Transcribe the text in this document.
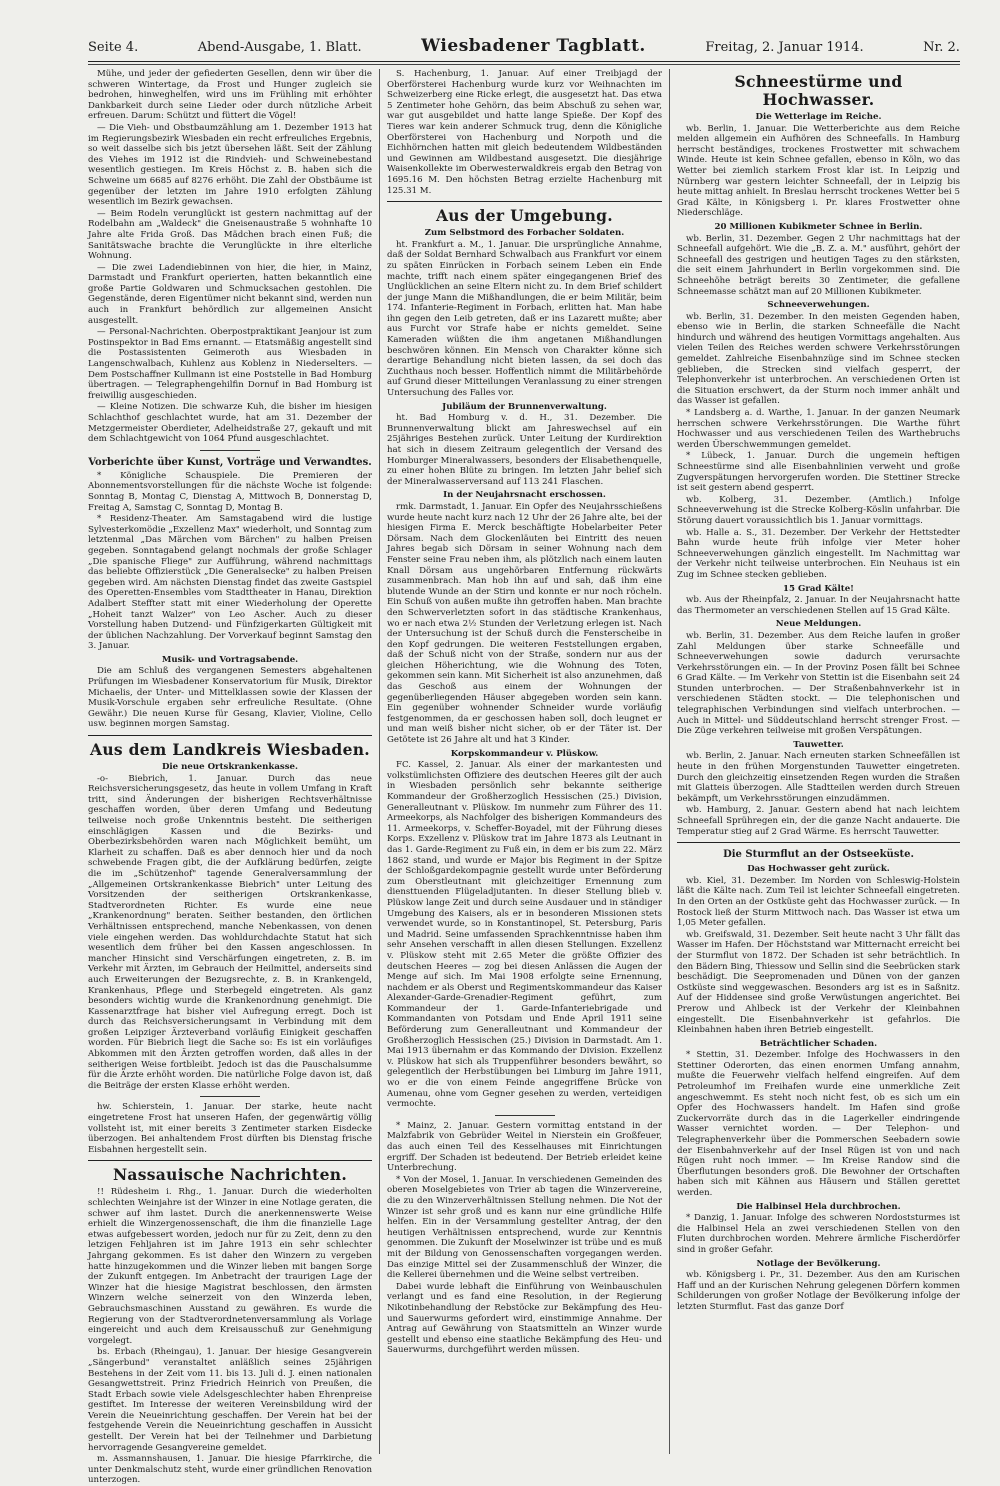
Seite 4.	Abend-Ausgabe, 1. Blatt.	Wiesbadener Tagblatt.	Freitag, 2. Januar 1914.	Nr. 2.

Mühe, und jeder der gefiederten Gesellen, denn wir über die schweren Wintertage, da Frost und Hunger zugleich sie bedrohen, hinweghelfen, wird uns im Frühling mit erhöhter Dankbarkeit durch seine Lieder oder durch nützliche Arbeit erfreuen. Darum: Schützt und füttert die Vögel!

— Die Vieh- und Obstbaumzählung am 1. Dezember 1913 hat im Regierungsbezirk Wiesbaden ein recht erfreuliches Ergebnis, so weit dasselbe sich bis jetzt übersehen läßt. Seit der Zählung des Viehes im 1912 ist die Rindvieh- und Schweinebestand wesentlich gestiegen. Im Kreis Höchst z. B. haben sich die Schweine um 6685 auf 8276 erhöht. Die Zahl der Obstbäume ist gegenüber der letzten im Jahre 1910 erfolgten Zählung wesentlich im Bezirk gewachsen.

— Beim Rodeln verunglückt ist gestern nachmittag auf der Rodelbahn am „Waldeck" die Gneisenaustraße 5 wohnhafte 10 Jahre alte Frida Groß. Das Mädchen brach einen Fuß; die Sanitätswache brachte die Verunglückte in ihre elterliche Wohnung.

— Die zwei Ladendiebinnen von hier, die hier, in Mainz, Darmstadt und Frankfurt operierten, hatten bekanntlich eine große Partie Goldwaren und Schmucksachen gestohlen. Die Gegenstände, deren Eigentümer nicht bekannt sind, werden nun auch in Frankfurt behördlich zur allgemeinen Ansicht ausgestellt.

— Personal-Nachrichten. Oberpostpraktikant Jeanjour ist zum Postinspektor in Bad Ems ernannt. — Etatsmäßig angestellt sind die Postassistenten Geimeroth aus Wiesbaden in Langenschwalbach, Kuhlenz aus Koblenz in Niederselters. — Dem Postschaffner Kullmann ist eine Poststelle in Bad Homburg übertragen. — Telegraphengehilfin Dornuf in Bad Homburg ist freiwillig ausgeschieden.

— Kleine Notizen. Die schwarze Kuh, die bisher im hiesigen Schlachthof geschlachtet wurde, hat am 31. Dezember der Metzgermeister Oberdieter, Adelheidstraße 27, gekauft und mit dem Schlachtgewicht von 1064 Pfund ausgeschlachtet.

Vorberichte über Kunst, Vorträge und Verwandtes.

* Königliche Schauspiele. Die Premieren der Abonnementsvorstellungen für die nächste Woche ist folgende: Sonntag B, Montag C, Dienstag A, Mittwoch B, Donnerstag D, Freitag A, Samstag C, Sonntag D, Montag B.

* Residenz-Theater. Am Samstagabend wird die lustige Sylvesterkomödie „Exzellenz Max" wiederholt, und Sonntag zum letztenmal „Das Märchen vom Bärchen" zu halben Preisen gegeben. Sonntagabend gelangt nochmals der große Schlager „Die spanische Fliege" zur Aufführung, während nachmittags das beliebte Offizierstück „Die Generalsecke" zu halben Preisen gegeben wird. Am nächsten Dienstag findet das zweite Gastspiel des Operetten-Ensembles vom Stadttheater in Hanau, Direktion Adalbert Steffter statt mit einer Wiederholung der Operette „Hoheit tanzt Walzer" von Leo Ascher. Auch zu dieser Vorstellung haben Dutzend- und Fünfzigerkarten Gültigkeit mit der üblichen Nachzahlung. Der Vorverkauf beginnt Samstag den 3. Januar.

Musik- und Vortragsabende.

Die am Schluß des vergangenen Semesters abgehaltenen Prüfungen im Wiesbadener Konservatorium für Musik, Direktor Michaelis, der Unter- und Mittelklassen sowie der Klassen der Musik-Vorschule ergaben sehr erfreuliche Resultate. (Ohne Gewähr.) Die neuen Kurse für Gesang, Klavier, Violine, Cello usw. beginnen morgen Samstag.

Aus dem Landkreis Wiesbaden.
Die neue Ortskrankenkasse.

-o- Biebrich, 1. Januar. Durch das neue Reichsversicherungsgesetz, das heute in vollem Umfang in Kraft tritt, sind Änderungen der bisherigen Rechtsverhältnisse geschaffen worden, über deren Umfang und Bedeutung teilweise noch große Unkenntnis besteht. Die seitherigen einschlägigen Kassen und die Bezirks- und Oberbezirksbehörden waren nach Möglichkeit bemüht, um Klarheit zu schaffen. Daß es aber dennoch hier und da noch schwebende Fragen gibt, die der Aufklärung bedürfen, zeigte die im „Schützenhof" tagende Generalversammlung der „Allgemeinen Ortskrankenkasse Biebrich" unter Leitung des Vorsitzenden der seitherigen Ortskrankenkasse, Stadtverordneten Richter. Es wurde eine neue „Krankenordnung" beraten. Seither bestanden, den örtlichen Verhältnissen entsprechend, manche Nebenkassen, von denen viele eingehen werden. Das wohldurchdachte Statut hat sich wesentlich dem früher bei den Kassen angeschlossen. In mancher Hinsicht sind Verschärfungen eingetreten, z. B. im Verkehr mit Ärzten, im Gebrauch der Heilmittel, anderseits sind auch Erweiterungen der Bezugsrechte, z. B. in Krankengeld, Krankenhaus, Pflege und Sterbegeld eingetreten. Als ganz besonders wichtig wurde die Krankenordnung genehmigt. Die Kassenarztfrage hat bisher viel Aufregung erregt. Doch ist durch das Reichsversicherungsamt in Verbindung mit dem großen Leipziger Ärzteverband vorläufig Einigkeit geschaffen worden. Für Biebrich liegt die Sache so: Es ist ein vorläufiges Abkommen mit den Ärzten getroffen worden, daß alles in der seitherigen Weise fortbleibt. Jedoch ist das die Pauschalsumme für die Ärzte erhöht worden. Die natürliche Folge davon ist, daß die Beiträge der ersten Klasse erhöht werden.

hw. Schierstein, 1. Januar. Der starke, heute nacht eingetretene Frost hat unseren Hafen, der gegenwärtig völlig vollsteht ist, mit einer bereits 3 Zentimeter starken Eisdecke überzogen. Bei anhaltendem Frost dürften bis Dienstag frische Eisbahnen hergestellt sein.

Nassauische Nachrichten.

!! Rüdesheim i. Rhg., 1. Januar. Durch die wiederholten schlechten Weinjahre ist der Winzer in eine Notlage geraten, die schwer auf ihm lastet. Durch die anerkennenswerte Weise erhielt die Winzergenossenschaft, die ihm die finanzielle Lage etwas aufgebessert worden, jedoch nur für zu Zeit, denn zu den letzigen Fehljahren ist im Jahre 1913 ein sehr schlechter Jahrgang gekommen. Es ist daher den Winzern zu vergeben hatte hinzugekommen und die Winzer lieben mit bangen Sorge der Zukunft entgegen. Im Anbetracht der traurigen Lage der Winzer hat die hiesige Magistrat beschlossen, den ärmsten Winzern welche seinerzeit von den Winzerda leben, Gebrauchsmaschinen Ausstand zu gewähren. Es wurde die Regierung von der Stadtverordnetenversammlung als Vorlage eingereicht und auch dem Kreisausschuß zur Genehmigung vorgelegt.

bs. Erbach (Rheingau), 1. Januar. Der hiesige Gesangverein „Sängerbund" veranstaltet anläßlich seines 25jährigen Bestehens in der Zeit vom 11. bis 13. Juli d. J. einen nationalen Gesangwettstreit. Prinz Friedrich Heinrich von Preußen, die Stadt Erbach sowie viele Adelsgeschlechter haben Ehrenpreise gestiftet. Im Interesse der weiteren Vereinsbildung wird der Verein die Neueinrichtung geschaffen. Der Verein hat bei der festgehende Verein die Neueinrichtung geschaffen in Aussicht gestellt. Der Verein hat bei der Teilnehmer und Darbietung hervorragende Gesangvereine gemeldet.

m. Assmannshausen, 1. Januar. Die hiesige Pfarrkirche, die unter Denkmalschutz steht, wurde einer gründlichen Renovation unterzogen.

S. Hachenburg, 1. Januar. Auf einer Treibjagd der Oberförsterei Hachenburg wurde kurz vor Weihnachten im Schweizerberg eine Ricke erlegt, die ausgesetzt hat. Das etwa 5 Zentimeter hohe Gehörn, das beim Abschuß zu sehen war, war gut ausgebildet und hatte lange Spieße. Der Kopf des Tieres war kein anderer Schmuck trug, denn die Königliche Oberförsterei von Hachenburg und Norpoth und die Eichhörnchen hatten mit gleich bedeutendem Wildbeständen und Gewinnen am Wildbestand ausgesetzt. Die diesjährige Waisenkollekte im Oberwesterwaldkreis ergab den Betrag von 1695.16 M. Den höchsten Betrag erzielte Hachenburg mit 125.31 M.

Aus der Umgebung.
Zum Selbstmord des Forbacher Soldaten.

ht. Frankfurt a. M., 1. Januar. Die ursprüngliche Annahme, daß der Soldat Bernhard Schwalbach aus Frankfurt vor einem zu späten Einrücken in Forbach seinem Leben ein Ende machte, trifft nach einem später eingegangenen Brief des Unglücklichen an seine Eltern nicht zu. In dem Brief schildert der junge Mann die Mißhandlungen, die er beim Militär, beim 174. Infanterie-Regiment in Forbach, erlitten hat. Man habe ihn gegen den Leib getreten, daß er ins Lazarett mußte; aber aus Furcht vor Strafe habe er nichts gemeldet. Seine Kameraden wüßten die ihm angetanen Mißhandlungen beschwören können. Ein Mensch von Charakter könne sich derartige Behandlung nicht bieten lassen, da sei doch das Zuchthaus noch besser. Hoffentlich nimmt die Militärbehörde auf Grund dieser Mitteilungen Veranlassung zu einer strengen Untersuchung des Falles vor.

Jubiläum der Brunnenverwaltung.

ht. Bad Homburg v. d. H., 31. Dezember. Die Brunnenverwaltung blickt am Jahreswechsel auf ein 25jähriges Bestehen zurück. Unter Leitung der Kurdirektion hat sich in diesem Zeitraum gelegentlich der Versand des Homburger Mineralwassers, besonders der Elisabethenquelle, zu einer hohen Blüte zu bringen. Im letzten Jahr belief sich der Mineralwasserversand auf 113 241 Flaschen.

In der Neujahrsnacht erschossen.

rmk. Darmstadt, 1. Januar. Ein Opfer des Neujahrsschießens wurde heute nacht kurz nach 12 Uhr der 26 Jahre alte, bei der hiesigen Firma E. Merck beschäftigte Hobelarbeiter Peter Dörsam. Nach dem Glockenläuten bei Eintritt des neuen Jahres begab sich Dörsam in seiner Wohnung nach dem Fenster seine Frau neben ihm, als plötzlich nach einem lauten Knall Dörsam aus ungehörbaren Entfernung rückwärts zusammenbrach. Man hob ihn auf und sah, daß ihm eine blutende Wunde an der Stirn und konnte er nur noch röcheln. Ein Schuß von außen mußte ihn getroffen haben. Man brachte den Schwerverletzten sofort in das städtische Krankenhaus, wo er nach etwa 2½ Stunden der Verletzung erlegen ist. Nach der Untersuchung ist der Schuß durch die Fensterscheibe in den Kopf gedrungen. Die weiteren Feststellungen ergaben, daß der Schuß nicht von der Straße, sondern nur aus der gleichen Höherichtung, wie die Wohnung des Toten, gekommen sein kann. Mit Sicherheit ist also anzunehmen, daß das Geschoß aus einem der Wohnungen der gegenüberliegenden Häuser abgegeben worden sein kann. Ein gegenüber wohnender Schneider wurde vorläufig festgenommen, da er geschossen haben soll, doch leugnet er und man weiß bisher nicht sicher, ob er der Täter ist. Der Getötete ist 26 Jahre alt und hat 3 Kinder.

Korpskommandeur v. Plüskow.

FC. Kassel, 2. Januar. Als einer der markantesten und volkstümlichsten Offiziere des deutschen Heeres gilt der auch in Wiesbaden persönlich sehr bekannte seitherige Kommandeur der Großherzoglich Hessischen (25.) Division, Generalleutnant v. Plüskow. Im nunmehr zum Führer des 11. Armeekorps, als Nachfolger des bisherigen Kommandeurs des 11. Armeekorps, v. Scheffer-Boyadel, mit der Führung dieses Korps. Exzellenz v. Plüskow trat im Jahre 1873 als Leutnant in das 1. Garde-Regiment zu Fuß ein, in dem er bis zum 22. März 1862 stand, und wurde er Major bis Regiment in der Spitze der Schloßgardekompagnie gestellt wurde unter Beförderung zum Oberstleutnant mit gleichzeitiger Ernennung zum diensttuenden Flügeladjutanten. In dieser Stellung blieb v. Plüskow lange Zeit und durch seine Ausdauer und in ständiger Umgebung des Kaisers, als er in besonderen Missionen stets verwendet wurde, so in Konstantinopel, St. Petersburg, Paris und Madrid. Seine umfassenden Sprachkenntnisse haben ihm sehr Ansehen verschafft in allen diesen Stellungen. Exzellenz v. Plüskow steht mit 2.65 Meter die größte Offizier des deutschen Heeres — zog bei diesen Anlässen die Augen der Menge auf sich. Im Mai 1908 erfolgte seine Ernennung, nachdem er als Oberst und Regimentskommandeur das Kaiser Alexander-Garde-Grenadier-Regiment geführt, zum Kommandeur der 1. Garde-Infanteriebrigade und Kommandanten von Potsdam und Ende April 1911 seine Beförderung zum Generalleutnant und Kommandeur der Großherzoglich Hessischen (25.) Division in Darmstadt. Am 1. Mai 1913 übernahm er das Kommando der Division. Exzellenz v. Plüskow hat sich als Truppenführer besonders bewährt, so gelegentlich der Herbstübungen bei Limburg im Jahre 1911, wo er die von einem Feinde angegriffene Brücke von Aumenau, ohne vom Gegner gesehen zu werden, verteidigen vermochte.

* Mainz, 2. Januar. Gestern vormittag entstand in der Malzfabrik von Gebrüder Weitel in Nierstein ein Großfeuer, das auch einen Teil des Kesselhauses mit Einrichtungen ergriff. Der Schaden ist bedeutend. Der Betrieb erleidet keine Unterbrechung.

* Von der Mosel, 1. Januar. In verschiedenen Gemeinden des oberen Moselgebietes von Trier ab tagen die Winzervereine, die zu den Winzerverhältnissen Stellung nehmen. Die Not der Winzer ist sehr groß und es kann nur eine gründliche Hilfe helfen. Ein in der Versammlung gestellter Antrag, der den heutigen Verhältnissen entsprechend, wurde zur Kenntnis genommen. Die Zukunft der Moselwinzer ist trübe und es muß mit der Bildung von Genossenschaften vorgegangen werden. Das einzige Mittel sei der Zusammenschluß der Winzer, die die Kellerei übernehmen und die Weine selbst vertreiben.

Dabei wurde lebhaft die Einführung von Weinbauschulen verlangt und es fand eine Resolution, in der Regierung Nikotinbehandlung der Rebstöcke zur Bekämpfung des Heu- und Sauerwurms gefordert wird, einstimmige Annahme. Der Antrag auf Gewährung von Staatsmitteln an Winzer wurde gestellt und ebenso eine staatliche Bekämpfung des Heu- und Sauerwurms, durchgeführt werden müssen.

Schneestürme und Hochwasser.
Die Wetterlage im Reiche.

wb. Berlin, 1. Januar. Die Wetterberichte aus dem Reiche melden allgemein ein Aufhören des Schneefalls. In Hamburg herrscht beständiges, trockenes Frostwetter mit schwachem Winde. Heute ist kein Schnee gefallen, ebenso in Köln, wo das Wetter bei ziemlich starkem Frost klar ist. In Leipzig und Nürnberg war gestern leichter Schneefall, der in Leipzig bis heute mittag anhielt. In Breslau herrscht trockenes Wetter bei 5 Grad Kälte, in Königsberg i. Pr. klares Frostwetter ohne Niederschläge.

20 Millionen Kubikmeter Schnee in Berlin.

wb. Berlin, 31. Dezember. Gegen 2 Uhr nachmittags hat der Schneefall aufgehört. Wie die „B. Z. a. M." ausführt, gehört der Schneefall des gestrigen und heutigen Tages zu den stärksten, die seit einem Jahrhundert in Berlin vorgekommen sind. Die Schneehöhe beträgt bereits 30 Zentimeter, die gefallene Schneemasse schätzt man auf 20 Millionen Kubikmeter.

Schneeverwehungen.

wb. Berlin, 31. Dezember. In den meisten Gegenden haben, ebenso wie in Berlin, die starken Schneefälle die Nacht hindurch und während des heutigen Vormittags angehalten. Aus vielen Teilen des Reiches werden schwere Verkehrsstörungen gemeldet. Zahlreiche Eisenbahnzüge sind im Schnee stecken geblieben, die Strecken sind vielfach gesperrt, der Telephonverkehr ist unterbrochen. An verschiedenen Orten ist die Situation erschwert, da der Sturm noch immer anhält und das Wasser ist gefallen.

* Landsberg a. d. Warthe, 1. Januar. In der ganzen Neumark herrschen schwere Verkehrsstörungen. Die Warthe führt Hochwasser und aus verschiedenen Teilen des Warthebruchs werden Überschwemmungen gemeldet.

* Lübeck, 1. Januar. Durch die ungemein heftigen Schneestürme sind alle Eisenbahnlinien verweht und große Zugverspätungen hervorgerufen worden. Die Stettiner Strecke ist seit gestern abend gesperrt.

wb. Kolberg, 31. Dezember. (Amtlich.) Infolge Schneeverwehung ist die Strecke Kolberg-Köslin unfahrbar. Die Störung dauert voraussichtlich bis 1. Januar vormittags.

wb. Halle a. S., 31. Dezember. Der Verkehr der Hettstedter Bahn wurde heute früh infolge vier Meter hoher Schneeverwehungen gänzlich eingestellt. Im Nachmittag war der Verkehr nicht teilweise unterbrochen. Ein Neuhaus ist ein Zug im Schnee stecken geblieben.

15 Grad Kälte!

wb. Aus der Rheinpfalz, 2. Januar. In der Neujahrsnacht hatte das Thermometer an verschiedenen Stellen auf 15 Grad Kälte.

Neue Meldungen.

wb. Berlin, 31. Dezember. Aus dem Reiche laufen in großer Zahl Meldungen über starke Schneefälle und Schneeverwehungen sowie dadurch verursachte Verkehrsstörungen ein. — In der Provinz Posen fällt bei Schnee 6 Grad Kälte. — Im Verkehr von Stettin ist die Eisenbahn seit 24 Stunden unterbrochen. — Der Straßenbahnverkehr ist in verschiedenen Städten stockt. — Die telephonischen und telegraphischen Verbindungen sind vielfach unterbrochen. — Auch in Mittel- und Süddeutschland herrscht strenger Frost. — Die Züge verkehren teilweise mit großen Verspätungen.

Tauwetter.

wb. Berlin, 2. Januar. Nach erneuten starken Schneefällen ist heute in den frühen Morgenstunden Tauwetter eingetreten. Durch den gleichzeitig einsetzenden Regen wurden die Straßen mit Glatteis überzogen. Alle Stadtteilen werden durch Streuen bekämpft, um Verkehrsstörungen einzudämmen.

wb. Hamburg, 2. Januar. Gestern abend hat nach leichtem Schneefall Sprühregen ein, der die ganze Nacht andauerte. Die Temperatur stieg auf 2 Grad Wärme. Es herrscht Tauwetter.

Die Sturmflut an der Ostseeküste.
Das Hochwasser geht zurück.

wb. Kiel, 31. Dezember. Im Norden von Schleswig-Holstein läßt die Kälte nach. Zum Teil ist leichter Schneefall eingetreten. In den Orten an der Ostküste geht das Hochwasser zurück. — In Rostock ließ der Sturm Mittwoch nach. Das Wasser ist etwa um 1,05 Meter gefallen.

wb. Greifswald, 31. Dezember. Seit heute nacht 3 Uhr fällt das Wasser im Hafen. Der Höchststand war Mitternacht erreicht bei der Sturmflut von 1872. Der Schaden ist sehr beträchtlich. In den Bädern Bing, Thiessow und Sellin sind die Seebrücken stark beschädigt. Die Seepromenaden und Dünen von der ganzen Ostküste sind weggewaschen. Besonders arg ist es in Saßnitz. Auf der Hiddensee sind große Verwüstungen angerichtet. Bei Prerow und Ahlbeck ist der Verkehr der Kleinbahnen eingestellt. Die Eisenbahnverkehr ist gefahrlos. Die Kleinbahnen haben ihren Betrieb eingestellt.

Beträchtlicher Schaden.

* Stettin, 31. Dezember. Infolge des Hochwassers in den Stettiner Oderorten, das einen enormen Umfang annahm, mußte die Feuerwehr vielfach helfend eingreifen. Auf dem Petroleumhof im Freihafen wurde eine unmerkliche Zeit angeschwemmt. Es steht noch nicht fest, ob es sich um ein Opfer des Hochwassers handelt. Im Hafen sind große Zuckervorräte durch das in die Lagerkeller eindringende Wasser vernichtet worden. — Der Telephon- und Telegraphenverkehr über die Pommerschen Seebadern sowie der Eisenbahnverkehr auf der Insel Rügen ist von und nach Rügen ruht noch immer. — Im Kreise Randow sind die Überflutungen besonders groß. Die Bewohner der Ortschaften haben sich mit Kähnen aus Häusern und Ställen gerettet werden.

Die Halbinsel Hela durchbrochen.

* Danzig, 1. Januar. Infolge des schweren Nordoststurmes ist die Halbinsel Hela an zwei verschiedenen Stellen von den Fluten durchbrochen worden. Mehrere ärmliche Fischerdörfer sind in großer Gefahr.

Notlage der Bevölkerung.

wb. Königsberg i. Pr., 31. Dezember. Aus den am Kurischen Haff und an der Kurischen Nehrung gelegenen Dörfern kommen Schilderungen von großer Notlage der Bevölkerung infolge der letzten Sturmflut. Fast das ganze Dorf
